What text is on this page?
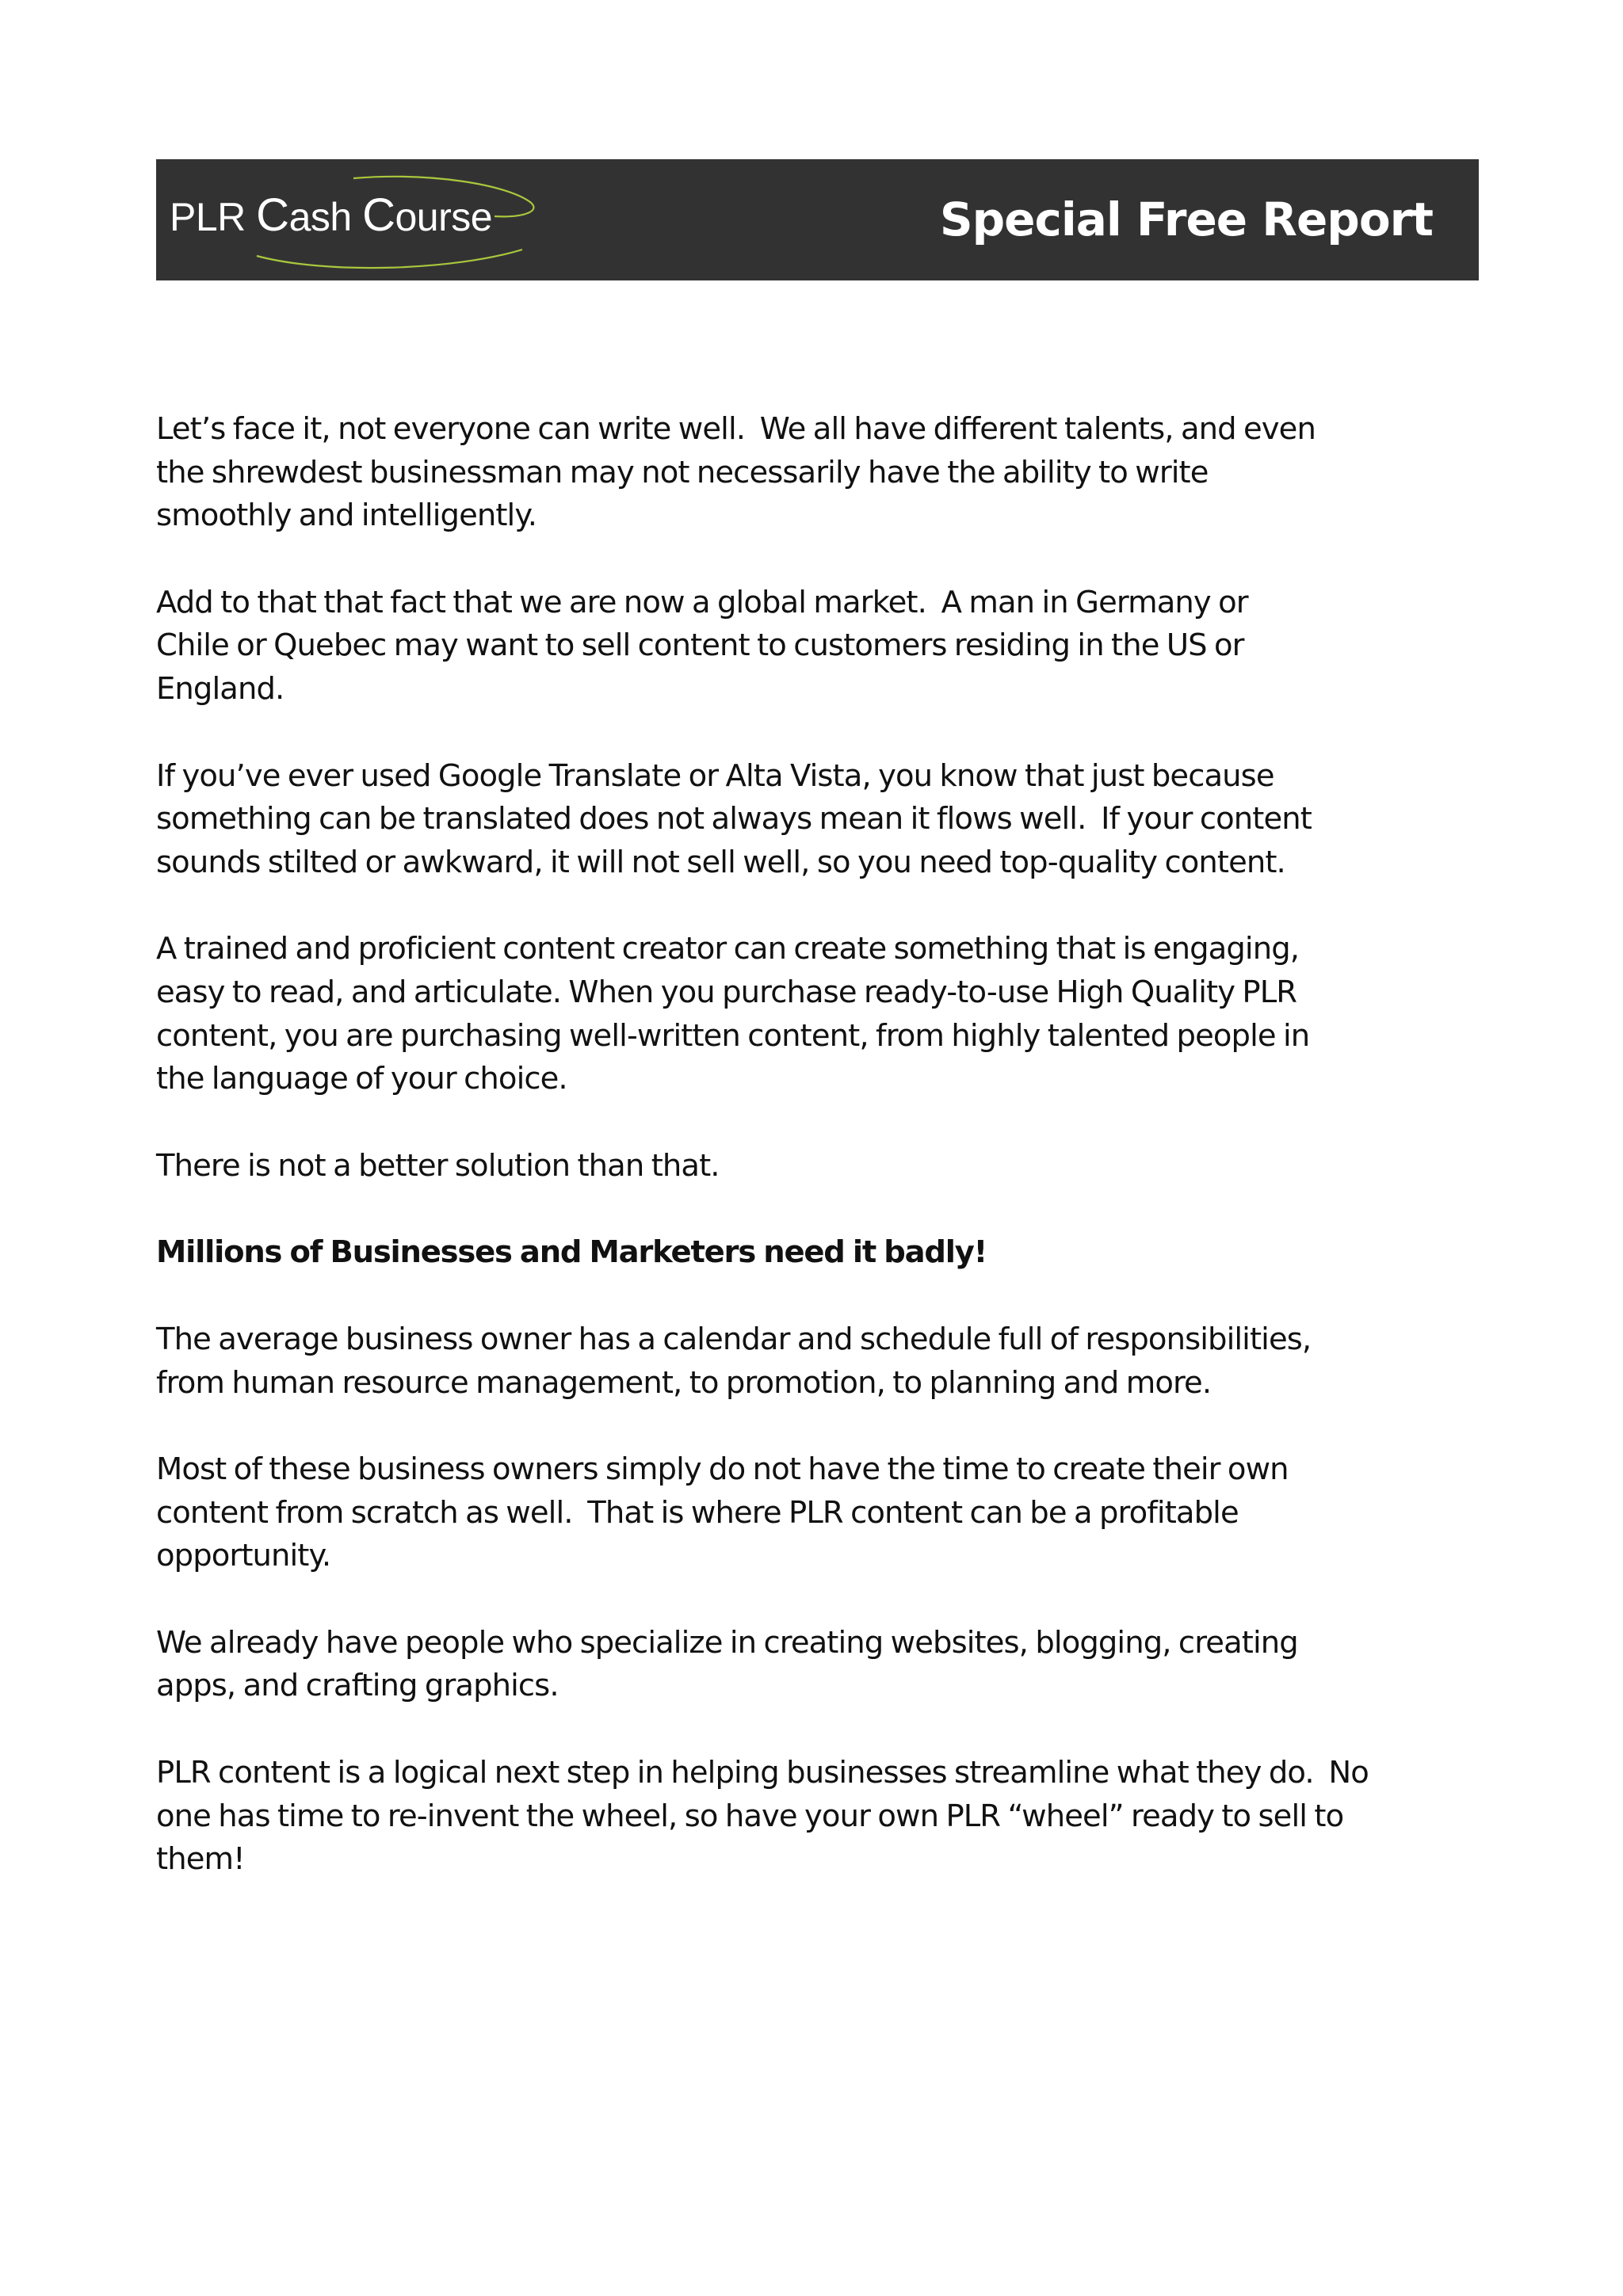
PLR Cash Course	Special Free Report

Let’s face it, not everyone can write well.  We all have different talents, and even
the shrewdest businessman may not necessarily have the ability to write
smoothly and intelligently.

Add to that that fact that we are now a global market.  A man in Germany or
Chile or Quebec may want to sell content to customers residing in the US or
England.

If you’ve ever used Google Translate or Alta Vista, you know that just because
something can be translated does not always mean it flows well.  If your content
sounds stilted or awkward, it will not sell well, so you need top-quality content.

A trained and proficient content creator can create something that is engaging,
easy to read, and articulate. When you purchase ready-to-use High Quality PLR
content, you are purchasing well-written content, from highly talented people in
the language of your choice.

There is not a better solution than that.

Millions of Businesses and Marketers need it badly!

The average business owner has a calendar and schedule full of responsibilities,
from human resource management, to promotion, to planning and more.

Most of these business owners simply do not have the time to create their own
content from scratch as well.  That is where PLR content can be a profitable
opportunity.

We already have people who specialize in creating websites, blogging, creating
apps, and crafting graphics.

PLR content is a logical next step in helping businesses streamline what they do.  No
one has time to re-invent the wheel, so have your own PLR “wheel” ready to sell to
them!
